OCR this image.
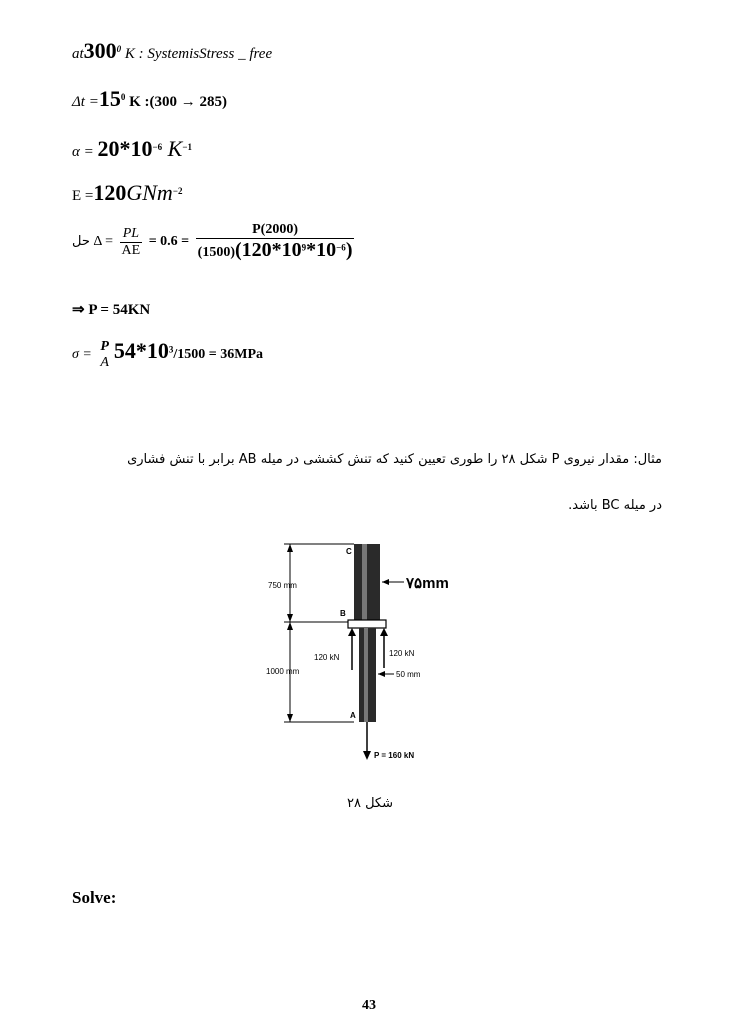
$at300^0$ K : SystemisStress _ free
$\Delta t =15^0$ K :(300 → 285)
$\alpha = 20*10^{-6}$ $K^{-1}$
E =120GNm$^{-2}$
حل $\Delta = \frac{PL}{AE} = 0.6 = \frac{P(2000)}{(1500)(120*10^9*10^{-6})}$
⇒ P = 54KN
σ =
P
A $54*10^3/1500 = 36MPa$
مثال: مقدار نیروی P شکل ۲۸ را طوری تعیین کنید که تنش کششی در میله AB برابر با تنش فشاری
در میله BC باشد.
750 mm
1000 mm
C
B
A
۷۵mm
50 mm
120 kN	120 kN
P = 160 kN
شکل ۲۸
Solve:
43
